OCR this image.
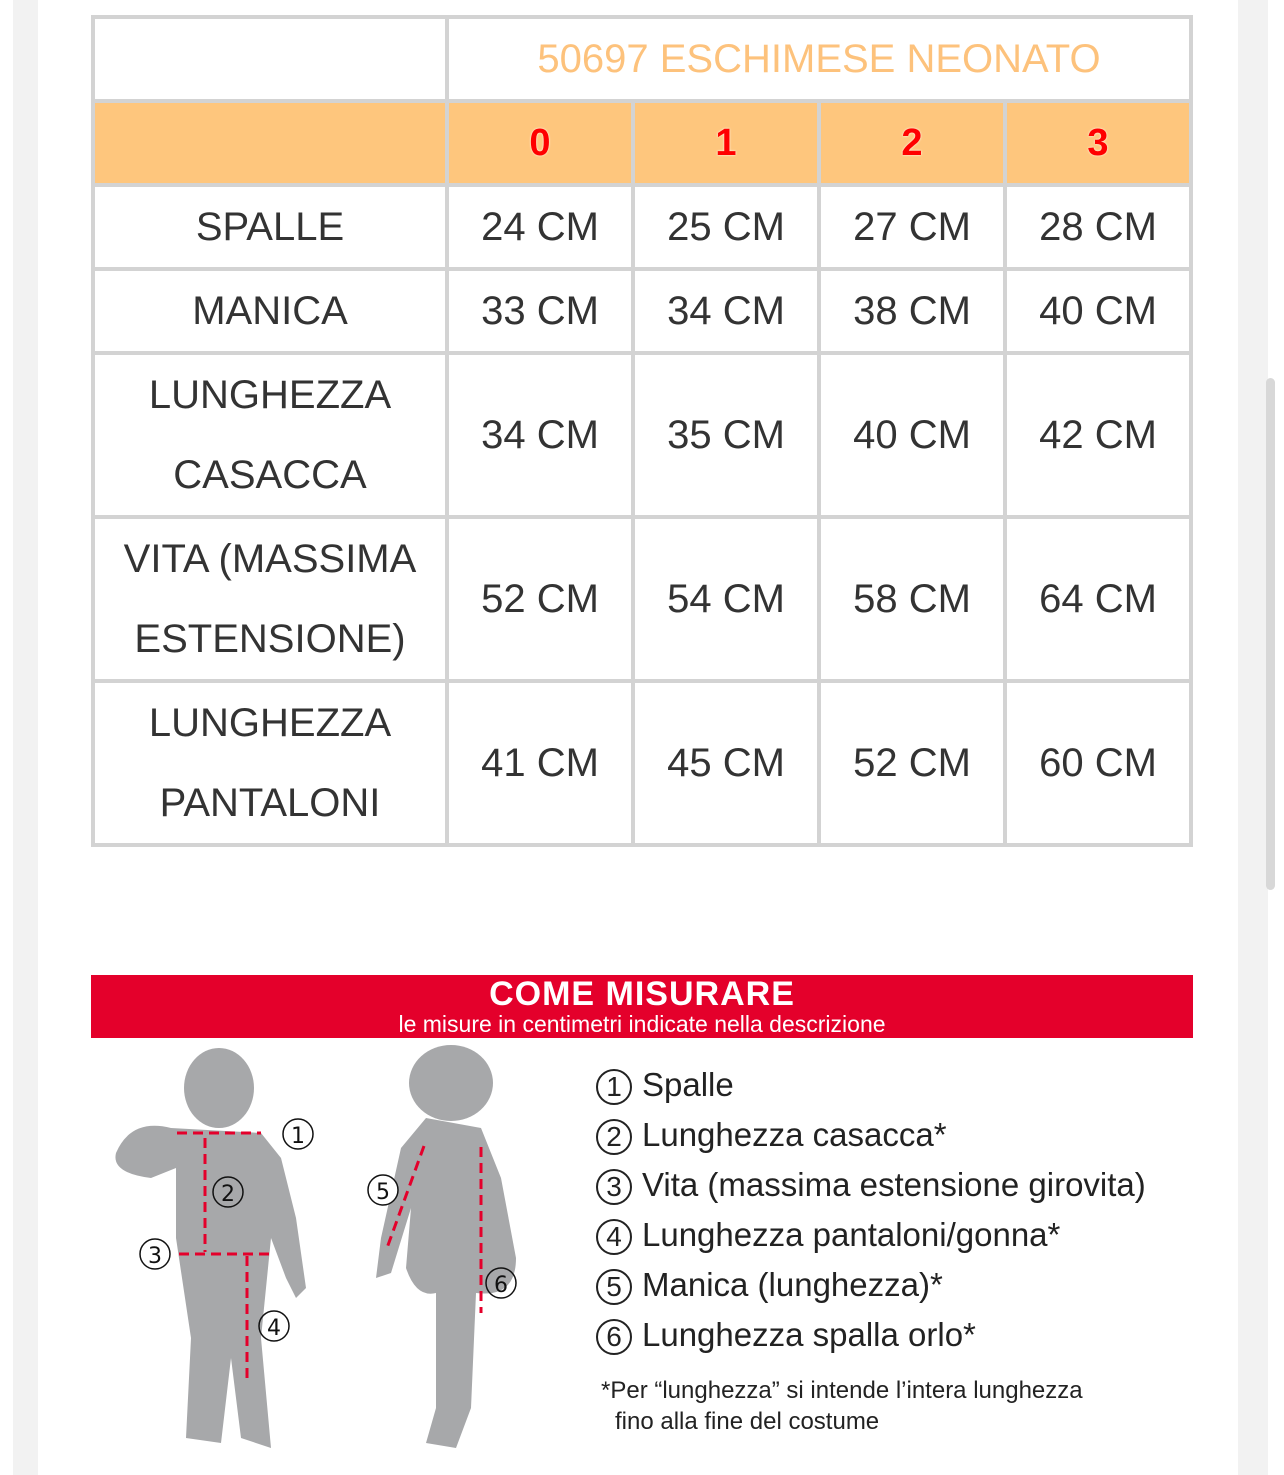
	50697 ESCHIMESE NEONATO			
	0	1	2	3
SPALLE	24 CM	25 CM	27 CM	28 CM
MANICA	33 CM	34 CM	38 CM	40 CM
LUNGHEZZA
CASACCA	34 CM	35 CM	40 CM	42 CM
VITA (MASSIMA
ESTENSIONE)	52 CM	54 CM	58 CM	64 CM
LUNGHEZZA
PANTALONI	41 CM	45 CM	52 CM	60 CM
COME MISURARE
le misure in centimetri indicate nella descrizione
1
2
3
4
5
6
1 Spalle
2 Lunghezza casacca*
3 Vita (massima estensione girovita)
4 Lunghezza pantaloni/gonna*
5 Manica (lunghezza)*
6 Lunghezza spalla orlo*
*Per “lunghezza” si intende l’intera lunghezza
fino alla fine del costume
